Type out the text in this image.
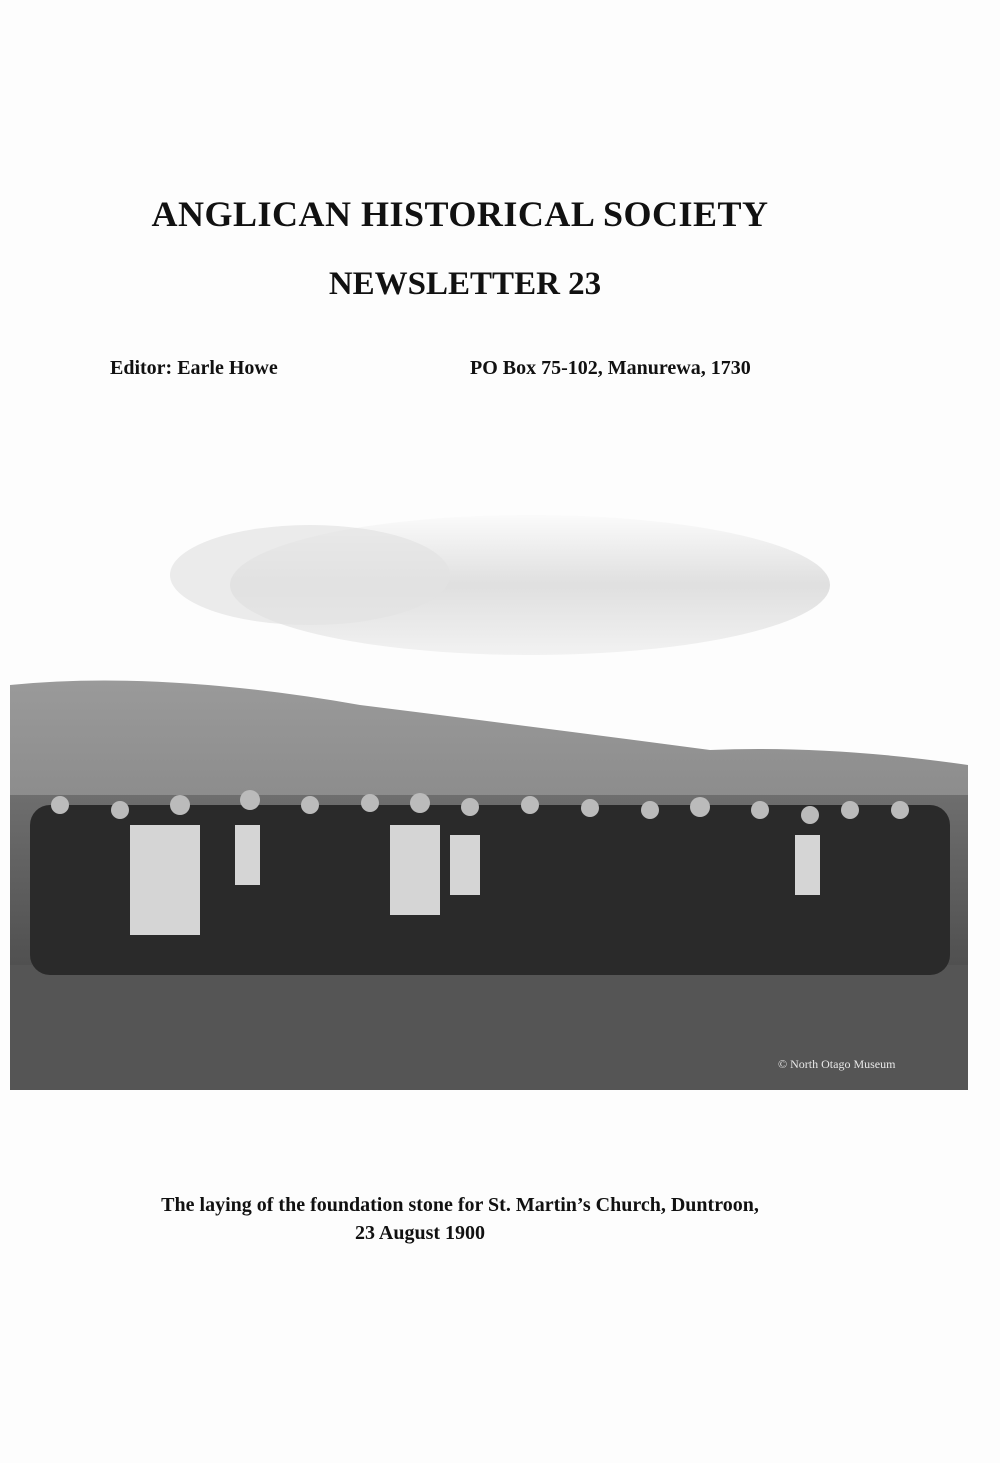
ANGLICAN HISTORICAL SOCIETY
NEWSLETTER 23
Editor: Earle Howe	PO Box 75-102, Manurewa, 1730
© North Otago Museum
The laying of the foundation stone for St. Martin’s Church, Duntroon,
23 August 1900
